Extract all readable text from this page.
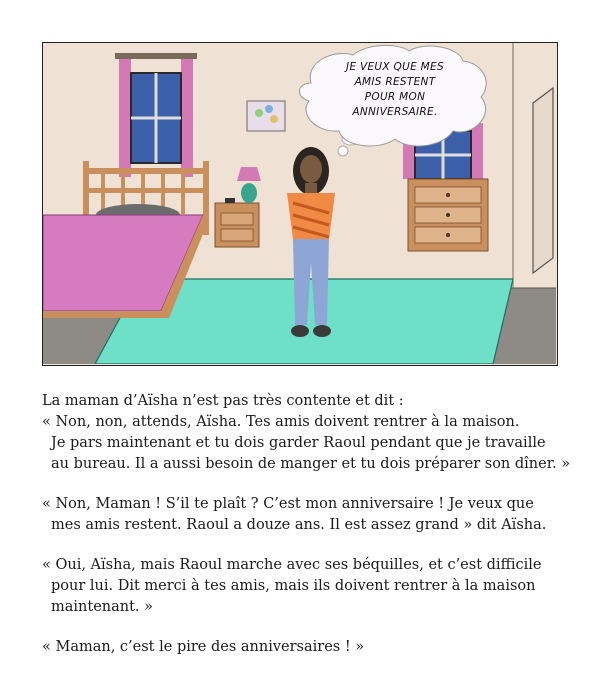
JE VEUX QUE MES
AMIS RESTENT
POUR MON
ANNIVERSAIRE.

La maman d’Aïsha n’est pas très contente et dit :
« Non, non, attends, Aïsha. Tes amis doivent rentrer à la maison.
Je pars maintenant et tu dois garder Raoul pendant que je travaille
au bureau. Il a aussi besoin de manger et tu dois préparer son dîner. »

« Non, Maman ! S’il te plaît ? C’est mon anniversaire ! Je veux que
mes amis restent. Raoul a douze ans. Il est assez grand » dit Aïsha.

« Oui, Aïsha, mais Raoul marche avec ses béquilles, et c’est difficile
pour lui. Dit merci à tes amis, mais ils doivent rentrer à la maison
maintenant. »

« Maman, c’est le pire des anniversaires ! »
